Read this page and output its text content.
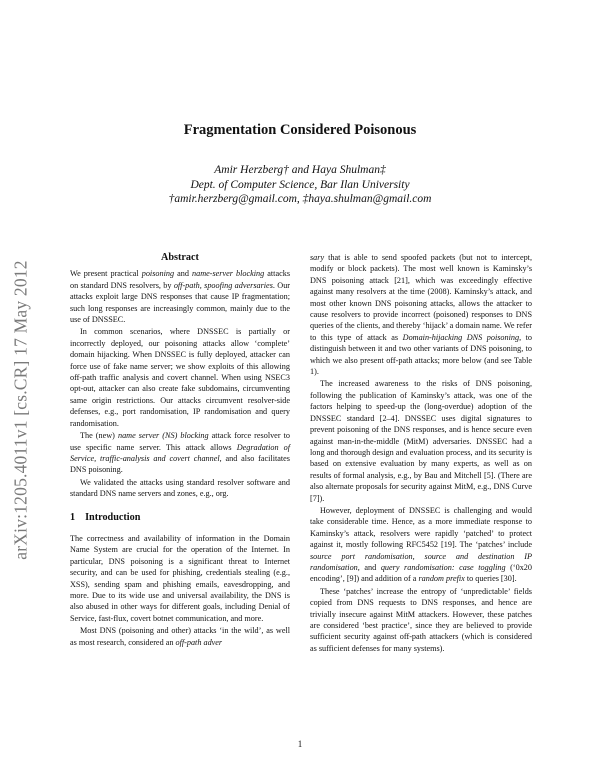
arXiv:1205.4011v1 [cs.CR] 17 May 2012
Fragmentation Considered Poisonous
Amir Herzberg† and Haya Shulman‡
Dept. of Computer Science, Bar Ilan University
†amir.herzberg@gmail.com, ‡haya.shulman@gmail.com
Abstract

We present practical poisoning and name-server blocking attacks on standard DNS resolvers, by off-path, spoofing adversaries. Our attacks exploit large DNS responses that cause IP fragmentation; such long responses are increasingly common, mainly due to the use of DNSSEC.

In common scenarios, where DNSSEC is partially or incorrectly deployed, our poisoning attacks allow ‘complete’ domain hijacking. When DNSSEC is fully deployed, attacker can force use of fake name server; we show exploits of this allowing off-path traffic analysis and covert channel. When using NSEC3 opt-out, attacker can also create fake subdomains, circumventing same origin restrictions. Our attacks circumvent resolver-side defenses, e.g., port randomisation, IP randomisation and query randomisation.

The (new) name server (NS) blocking attack force resolver to use specific name server. This attack allows Degradation of Service, traffic-analysis and covert channel, and also facilitates DNS poisoning.

We validated the attacks using standard resolver software and standard DNS name servers and zones, e.g., org.

1 Introduction

The correctness and availability of information in the Domain Name System are crucial for the operation of the Internet. In particular, DNS poisoning is a significant threat to Internet security, and can be used for phishing, credentials stealing (e.g., XSS), sending spam and phishing emails, eavesdropping, and more. Due to its wide use and universal availability, the DNS is also abused in other ways for different goals, including Denial of Service, fast-flux, covert botnet communication, and more.

Most DNS (poisoning and other) attacks ‘in the wild’, as well as most research, considered an off-path adver

sary that is able to send spoofed packets (but not to intercept, modify or block packets). The most well known is Kaminsky’s DNS poisoning attack [21], which was exceedingly effective against many resolvers at the time (2008). Kaminsky’s attack, and most other known DNS poisoning attacks, allows the attacker to cause resolvers to provide incorrect (poisoned) responses to DNS queries of the clients, and thereby ‘hijack’ a domain name. We refer to this type of attack as Domain-hijacking DNS poisoning, to distinguish between it and two other variants of DNS poisoning, to which we also present off-path attacks; more below (and see Table 1).

The increased awareness to the risks of DNS poisoning, following the publication of Kaminsky’s attack, was one of the factors helping to speed-up the (long-overdue) adoption of the DNSSEC standard [2–4]. DNSSEC uses digital signatures to prevent poisoning of the DNS responses, and is hence secure even against man-in-the-middle (MitM) adversaries. DNSSEC had a long and thorough design and evaluation process, and its security is based on extensive evaluation by many experts, as well as on results of formal analysis, e.g., by Bau and Mitchell [5]. (There are also alternate proposals for security against MitM, e.g., DNS Curve [7]).

However, deployment of DNSSEC is challenging and would take considerable time. Hence, as a more immediate response to Kaminsky’s attack, resolvers were rapidly ‘patched’ to protect against it, mostly following RFC5452 [19]. The ‘patches’ include source port randomisation, source and destination IP randomisation, and query randomisation: case toggling (‘0x20 encoding’, [9]) and addition of a random prefix to queries [30].

These ‘patches’ increase the entropy of ‘unpredictable’ fields copied from DNS requests to DNS responses, and hence are trivially insecure against MitM attackers. However, these patches are considered ‘best practice’, since they are believed to provide sufficient security against off-path attackers (which is considered as sufficient defenses for many systems).

1
